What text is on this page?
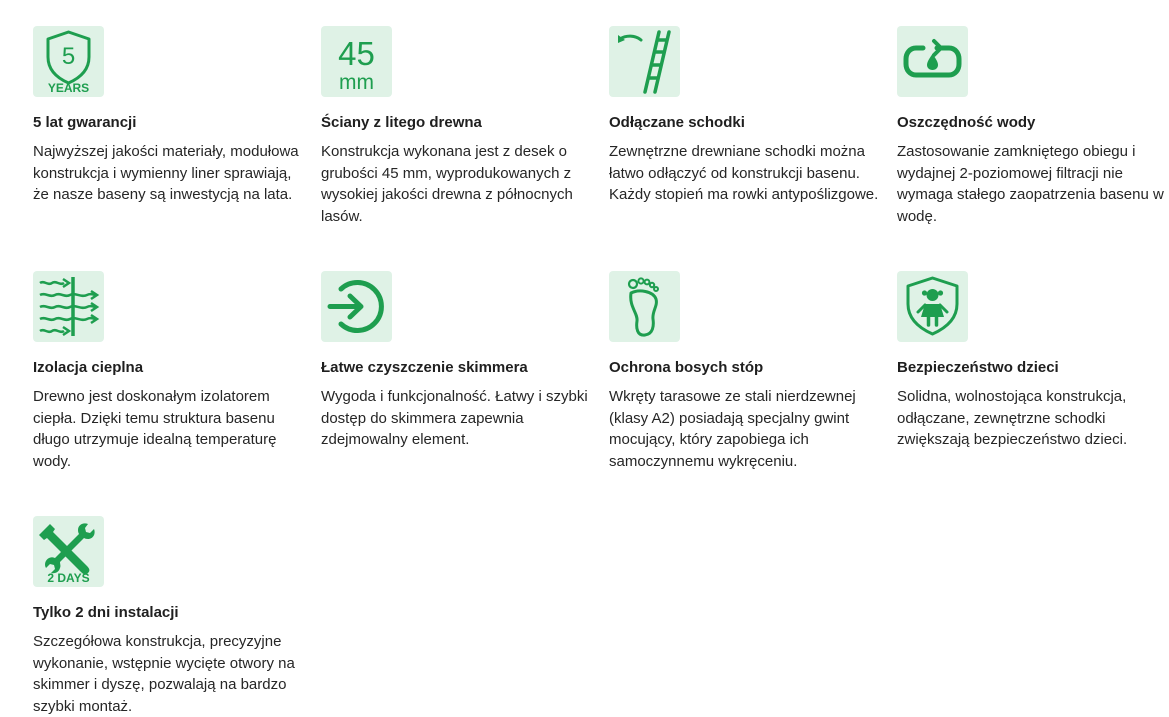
5
YEARS
5 lat gwarancji
Najwyższej jakości materiały, modułowa konstrukcja i wymienny liner sprawiają, że nasze baseny są inwestycją na lata.
45
mm
Ściany z litego drewna
Konstrukcja wykonana jest z desek o grubości 45 mm, wyprodukowanych z wysokiej jakości drewna z północnych lasów.
Odłączane schodki
Zewnętrzne drewniane schodki można łatwo odłączyć od konstrukcji basenu. Każdy stopień ma rowki antypoślizgowe.
Oszczędność wody
Zastosowanie zamkniętego obiegu i wydajnej 2-poziomowej filtracji nie wymaga stałego zaopatrzenia basenu w wodę.
Izolacja cieplna
Drewno jest doskonałym izolatorem ciepła. Dzięki temu struktura basenu długo utrzymuje idealną temperaturę wody.
Łatwe czyszczenie skimmera
Wygoda i funkcjonalność. Łatwy i szybki dostęp do skimmera zapewnia zdejmowalny element.
Ochrona bosych stóp
Wkręty tarasowe ze stali nierdzewnej (klasy A2) posiadają specjalny gwint mocujący, który zapobiega ich samoczynnemu wykręceniu.
Bezpieczeństwo dzieci
Solidna, wolnostojąca konstrukcja, odłączane, zewnętrzne schodki zwiększają bezpieczeństwo dzieci.
2 DAYS
Tylko 2 dni instalacji
Szczegółowa konstrukcja, precyzyjne wykonanie, wstępnie wycięte otwory na skimmer i dyszę, pozwalają na bardzo szybki montaż.
